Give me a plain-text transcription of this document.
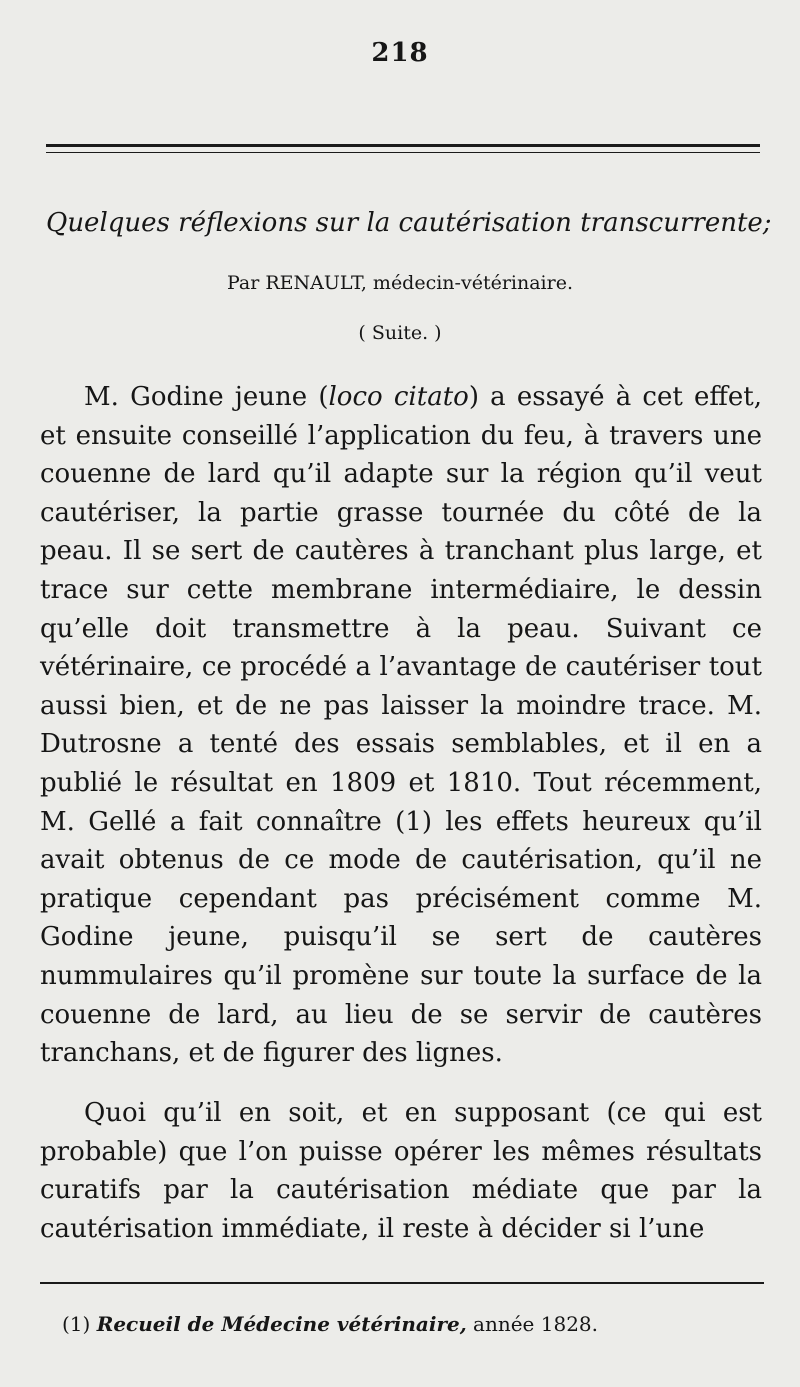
218
Quelques réflexions sur la cautérisation transcurrente;
Par RENAULT, médecin-vétérinaire.
( Suite. )

M. Godine jeune (loco citato) a essayé à cet effet, et ensuite conseillé l’application du feu, à travers une couenne de lard qu’il adapte sur la région qu’il veut cautériser, la partie grasse tournée du côté de la peau. Il se sert de cautères à tranchant plus large, et trace sur cette membrane intermédiaire, le dessin qu’elle doit transmettre à la peau. Suivant ce vétérinaire, ce procédé a l’avantage de cautériser tout aussi bien, et de ne pas laisser la moindre trace. M. Dutrosne a tenté des essais semblables, et il en a publié le résultat en 1809 et 1810. Tout récemment, M. Gellé a fait connaître (1) les effets heureux qu’il avait obtenus de ce mode de cautérisation, qu’il ne pratique cependant pas précisément comme M. Godine jeune, puisqu’il se sert de cautères nummulaires qu’il promène sur toute la surface de la couenne de lard, au lieu de se servir de cautères tranchans, et de figurer des lignes.

Quoi qu’il en soit, et en supposant (ce qui est probable) que l’on puisse opérer les mêmes résultats curatifs par la cautérisation médiate que par la cautérisation immédiate, il reste à décider si l’une

(1) Recueil de Médecine vétérinaire, année 1828.
